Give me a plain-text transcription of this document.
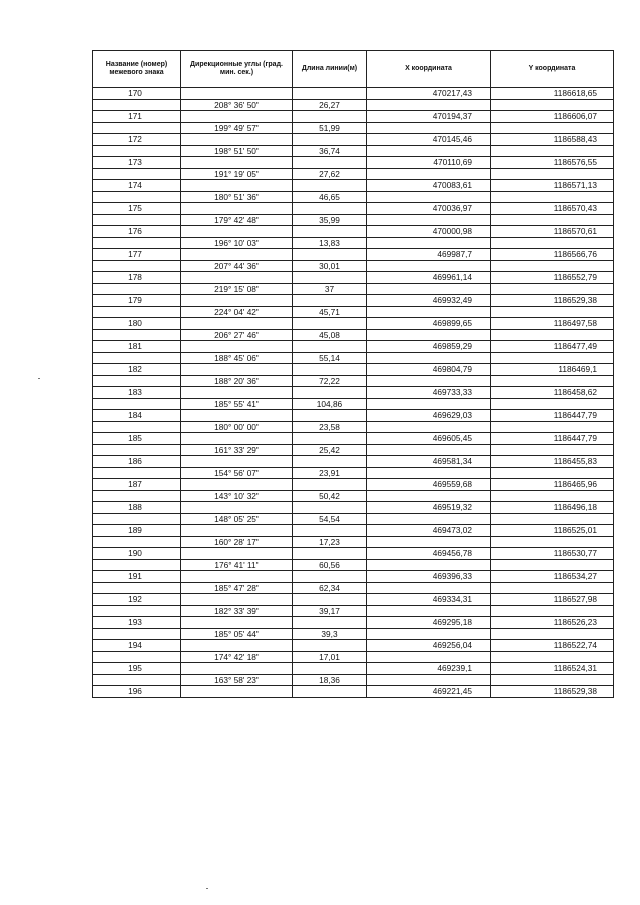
Название (номер) межевого знака	Дирекционные углы (град. мин. сек.)	Длина линии(м)	X координата	Y координата
170			470217,43	1186618,65
	208° 36' 50"	26,27		
171			470194,37	1186606,07
	199° 49' 57"	51,99		
172			470145,46	1186588,43
	198° 51' 50"	36,74		
173			470110,69	1186576,55
	191° 19' 05"	27,62		
174			470083,61	1186571,13
	180° 51' 36"	46,65		
175			470036,97	1186570,43
	179° 42' 48"	35,99		
176			470000,98	1186570,61
	196° 10' 03"	13,83		
177			469987,7	1186566,76
	207° 44' 36"	30,01		
178			469961,14	1186552,79
	219° 15' 08"	37		
179			469932,49	1186529,38
	224° 04' 42"	45,71		
180			469899,65	1186497,58
	206° 27' 46"	45,08		
181			469859,29	1186477,49
	188° 45' 06"	55,14		
182			469804,79	1186469,1
	188° 20' 36"	72,22		
183			469733,33	1186458,62
	185° 55' 41"	104,86		
184			469629,03	1186447,79
	180° 00' 00"	23,58		
185			469605,45	1186447,79
	161° 33' 29"	25,42		
186			469581,34	1186455,83
	154° 56' 07"	23,91		
187			469559,68	1186465,96
	143° 10' 32"	50,42		
188			469519,32	1186496,18
	148° 05' 25"	54,54		
189			469473,02	1186525,01
	160° 28' 17"	17,23		
190			469456,78	1186530,77
	176° 41' 11"	60,56		
191			469396,33	1186534,27
	185° 47' 28"	62,34		
192			469334,31	1186527,98
	182° 33' 39"	39,17		
193			469295,18	1186526,23
	185° 05' 44"	39,3		
194			469256,04	1186522,74
	174° 42' 18"	17,01		
195			469239,1	1186524,31
	163° 58' 23"	18,36		
196			469221,45	1186529,38
